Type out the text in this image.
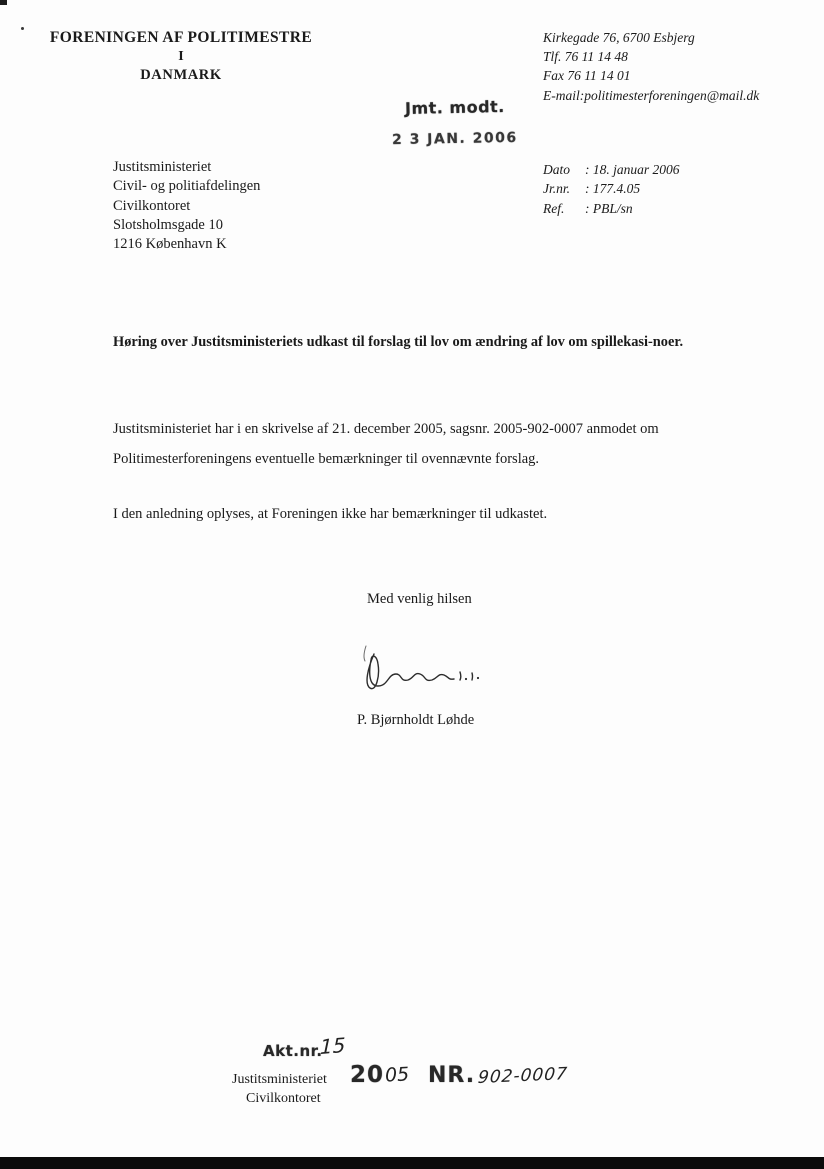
FORENINGEN AF POLITIMESTRE
I
DANMARK
Kirkegade 76, 6700 Esbjerg
Tlf. 76 11 14 48
Fax 76 11 14 01
E-mail:politimesterforeningen@mail.dk
Jmt. modt.
2 3 JAN. 2006
Justitsministeriet
Civil- og politiafdelingen
Civilkontoret
Slotsholmsgade 10
1216 København K
Dato : 18. januar 2006
Jr.nr. : 177.4.05
Ref. : PBL/sn
Høring over Justitsministeriets udkast til forslag til lov om ændring af lov om spillekasi-noer.
Justitsministeriet har i en skrivelse af 21. december 2005, sagsnr. 2005-902-0007 anmodet om Politimesterforeningens eventuelle bemærkninger til ovennævnte forslag.
I den anledning oplyses, at Foreningen ikke har bemærkninger til udkastet.
Med venlig hilsen
P. Bjørnholdt Løhde
Akt.nr.
15
Justitsministeriet 20 05 NR. 902-0007
Civilkontoret
